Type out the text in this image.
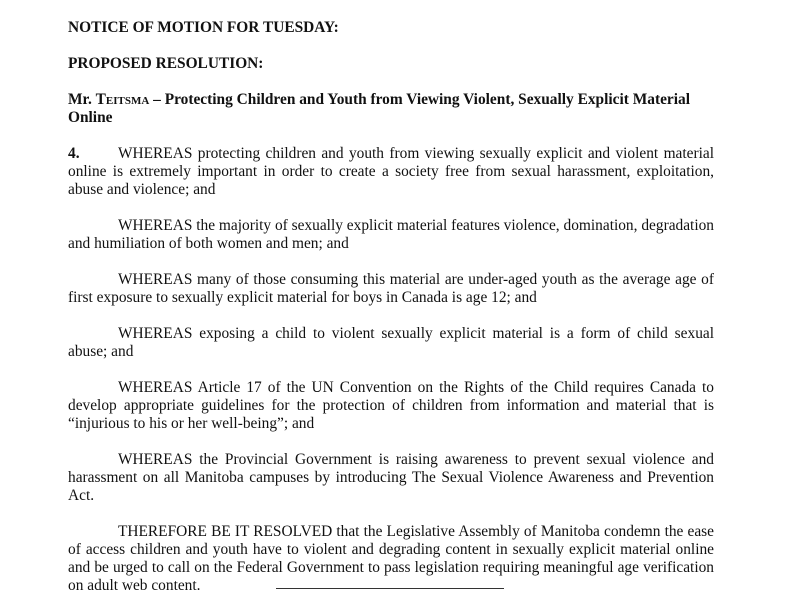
NOTICE OF MOTION FOR TUESDAY:

PROPOSED RESOLUTION:

Mr. Teitsma – Protecting Children and Youth from Viewing Violent, Sexually Explicit Material Online

4. WHEREAS protecting children and youth from viewing sexually explicit and violent material online is extremely important in order to create a society free from sexual harassment, exploitation, abuse and violence; and

WHEREAS the majority of sexually explicit material features violence, domination, degradation and humiliation of both women and men; and

WHEREAS many of those consuming this material are under-aged youth as the average age of first exposure to sexually explicit material for boys in Canada is age 12; and

WHEREAS exposing a child to violent sexually explicit material is a form of child sexual abuse; and

WHEREAS Article 17 of the UN Convention on the Rights of the Child requires Canada to develop appropriate guidelines for the protection of children from information and material that is “injurious to his or her well-being”; and

WHEREAS the Provincial Government is raising awareness to prevent sexual violence and harassment on all Manitoba campuses by introducing The Sexual Violence Awareness and Prevention Act.

THEREFORE BE IT RESOLVED that the Legislative Assembly of Manitoba condemn the ease of access children and youth have to violent and degrading content in sexually explicit material online and be urged to call on the Federal Government to pass legislation requiring meaningful age verification on adult web content.
